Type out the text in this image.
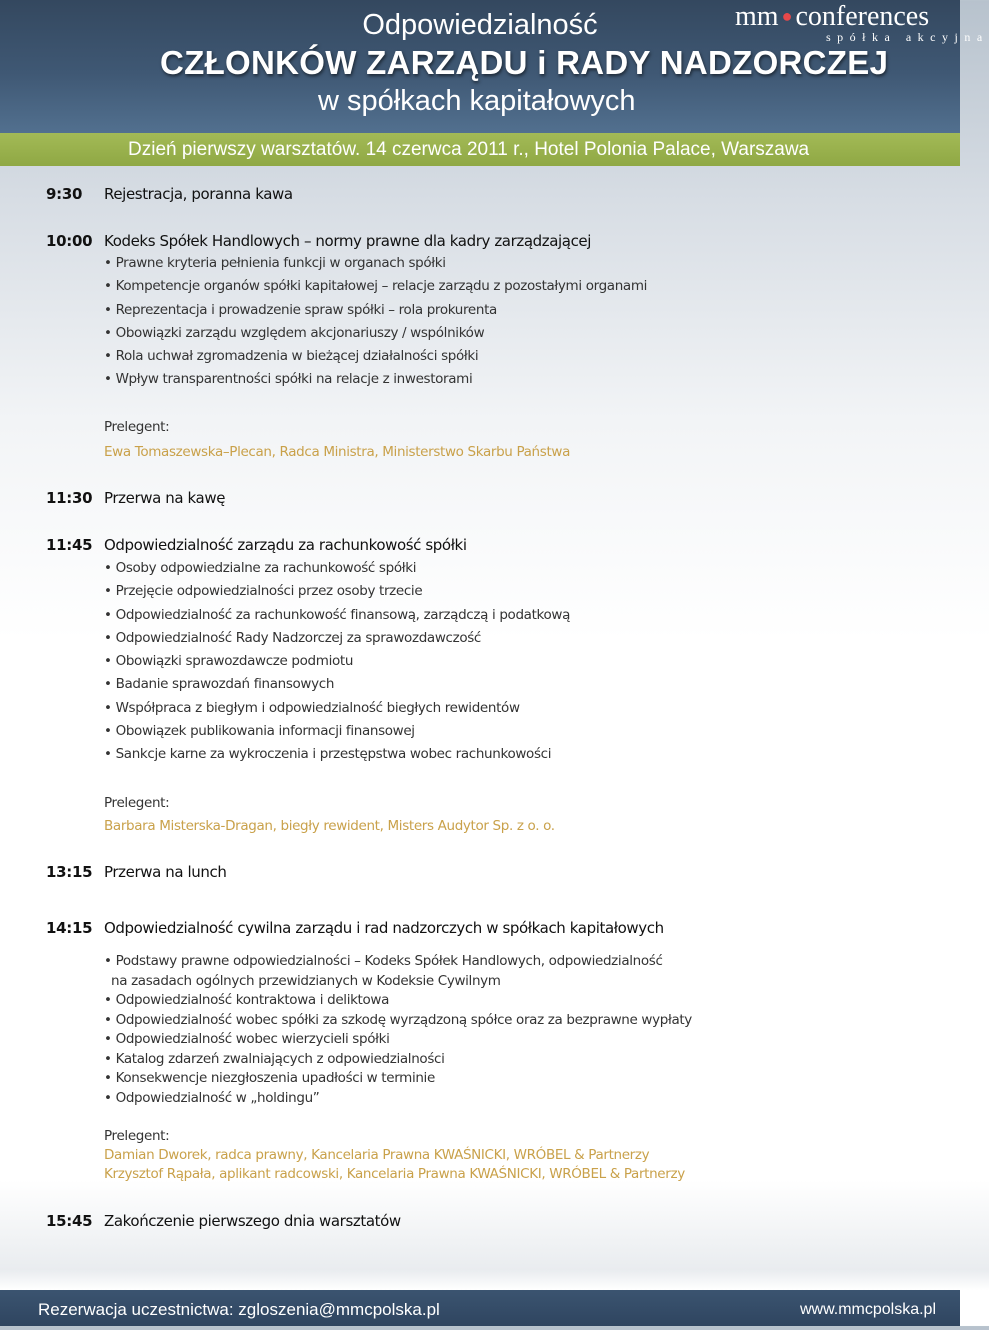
Odpowiedzialność
CZŁONKÓW ZARZĄDU i RADY NADZORCZEJ
w spółkach kapitałowych
mm ● conferences
spółka akcyjna
Dzień pierwszy warsztatów. 14 czerwca 2011 r., Hotel Polonia Palace, Warszawa
9:30 Rejestracja, poranna kawa
10:00 Kodeks Spółek Handlowych – normy prawne dla kadry zarządzającej
• Prawne kryteria pełnienia funkcji w organach spółki
• Kompetencje organów spółki kapitałowej – relacje zarządu z pozostałymi organami
• Reprezentacja i prowadzenie spraw spółki – rola prokurenta
• Obowiązki zarządu względem akcjonariuszy / wspólników
• Rola uchwał zgromadzenia w bieżącej działalności spółki
• Wpływ transparentności spółki na relacje z inwestorami
Prelegent:
Ewa Tomaszewska–Plecan, Radca Ministra, Ministerstwo Skarbu Państwa
11:30 Przerwa na kawę
11:45 Odpowiedzialność zarządu za rachunkowość spółki
• Osoby odpowiedzialne za rachunkowość spółki
• Przejęcie odpowiedzialności przez osoby trzecie
• Odpowiedzialność za rachunkowość finansową, zarządczą i podatkową
• Odpowiedzialność Rady Nadzorczej za sprawozdawczość
• Obowiązki sprawozdawcze podmiotu
• Badanie sprawozdań finansowych
• Współpraca z biegłym i odpowiedzialność biegłych rewidentów
• Obowiązek publikowania informacji finansowej
• Sankcje karne za wykroczenia i przestępstwa wobec rachunkowości
Prelegent:
Barbara Misterska-Dragan, biegły rewident, Misters Audytor Sp. z o. o.
13:15 Przerwa na lunch
14:15 Odpowiedzialność cywilna zarządu i rad nadzorczych w spółkach kapitałowych
• Podstawy prawne odpowiedzialności – Kodeks Spółek Handlowych, odpowiedzialność
na zasadach ogólnych przewidzianych w Kodeksie Cywilnym
• Odpowiedzialność kontraktowa i deliktowa
• Odpowiedzialność wobec spółki za szkodę wyrządzoną spółce oraz za bezprawne wypłaty
• Odpowiedzialność wobec wierzycieli spółki
• Katalog zdarzeń zwalniających z odpowiedzialności
• Konsekwencje niezgłoszenia upadłości w terminie
• Odpowiedzialność w „holdingu”
Prelegent:
Damian Dworek, radca prawny, Kancelaria Prawna KWAŚNICKI, WRÓBEL & Partnerzy
Krzysztof Rąpała, aplikant radcowski, Kancelaria Prawna KWAŚNICKI, WRÓBEL & Partnerzy
15:45 Zakończenie pierwszego dnia warsztatów
Rezerwacja uczestnictwa: zgloszenia@mmcpolska.pl	www.mmcpolska.pl
